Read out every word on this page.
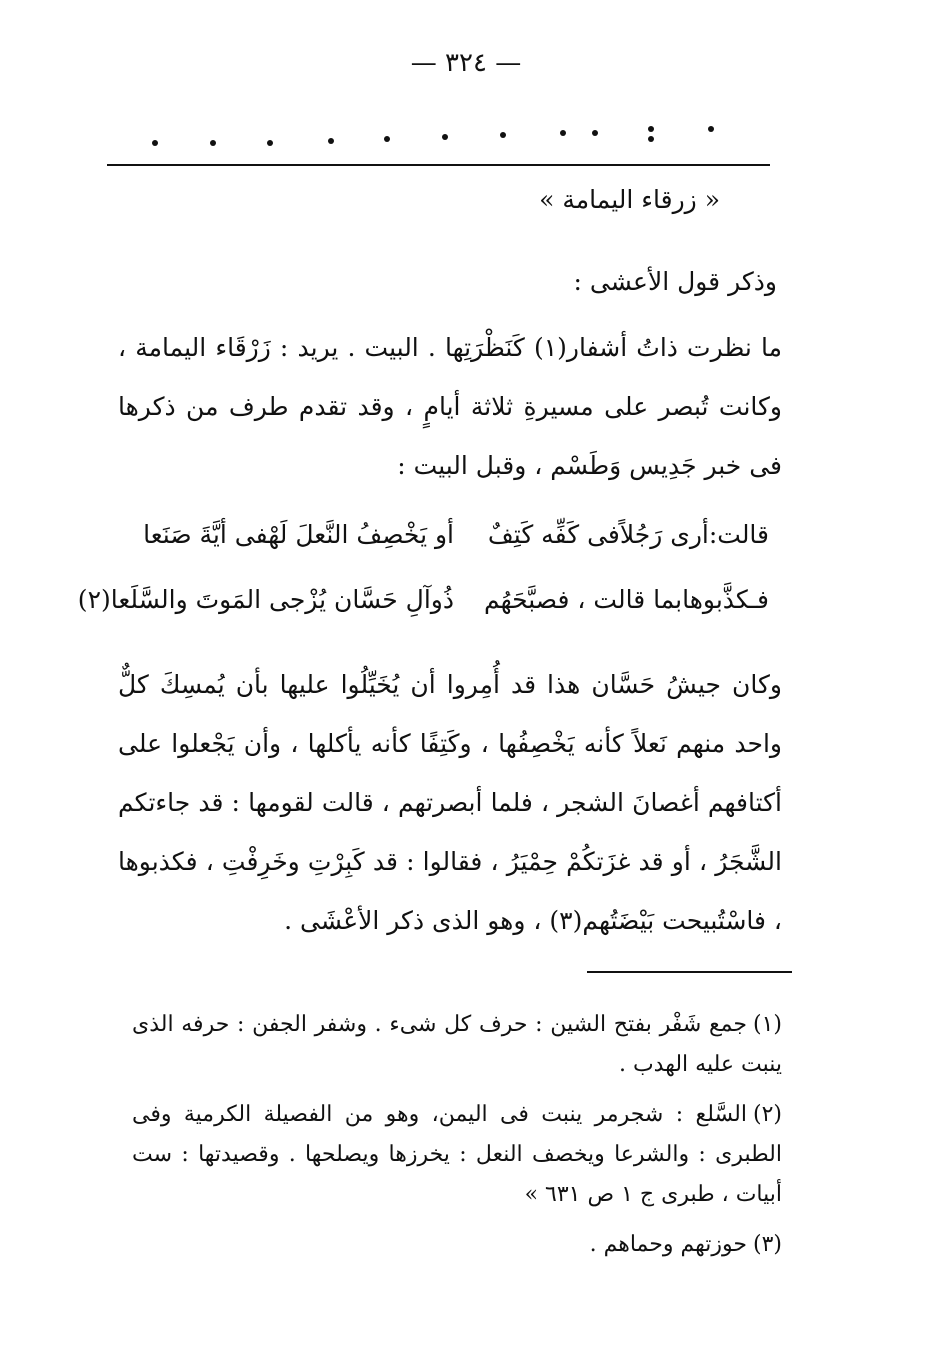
— ٣٢٤ —
« زرقاء اليمامة »
وذكر قول الأعشى :
ما نظرت ذاتُ أشفار(١) كَنَظْرَتِها . البيت . يريد : زَرْقَاء اليمامة ، وكانت تُبصر على مسيرةِ ثلاثة أيامٍ ، وقد تقدم طرف من ذكرها فى خبر جَدِيس وَطَسْم ، وقبل البيت :
قالت:أرى رَجُلاًفى كَفِّه كَتِفٌ
أو يَخْصِفُ النَّعلَ لَهْفى أيَّةَ صَنَعا
فـكذَّبوهابما قالت ، فصبَّحَهُم
ذُوآلِ حَسَّان يُزْجى المَوتَ والسَّلَعا(٢)
وكان جيشُ حَسَّان هذا قد أُمِروا أن يُخَيِّلُوا عليها بأن يُمسِكَ كلٌّ واحد منهم نَعلاً كأنه يَخْصِفُها ، وكَتِفًا كأنه يأكلها ، وأن يَجْعلوا على أكتافهم أغصانَ الشجر ، فلما أبصرتهم ، قالت لقومها : قد جاءتكم الشَّجَرُ ، أو قد غزَتكُمْ حِمْيَرُ ، فقالوا : قد كَبِرْتِ وخَرِفْتِ ، فكذبوها ، فاسْتُبيحت بَيْضَتُهم(٣) ، وهو الذى ذكر الأعْشَى .
(١)جمع شَفْر بفتح الشين : حرف كل شىء . وشفر الجفن : حرفه الذى ينبت عليه الهدب .
(٢)السَّلع : شجرمر ينبت فى اليمن، وهو من الفصيلة الكرمية وفى الطبرى : والشرعا ويخصف النعل : يخرزها ويصلحها . وقصيدتها : ست أبيات ، طبرى ج ١ ص ٦٣١ »
(٣)حوزتهم وحماهم .
